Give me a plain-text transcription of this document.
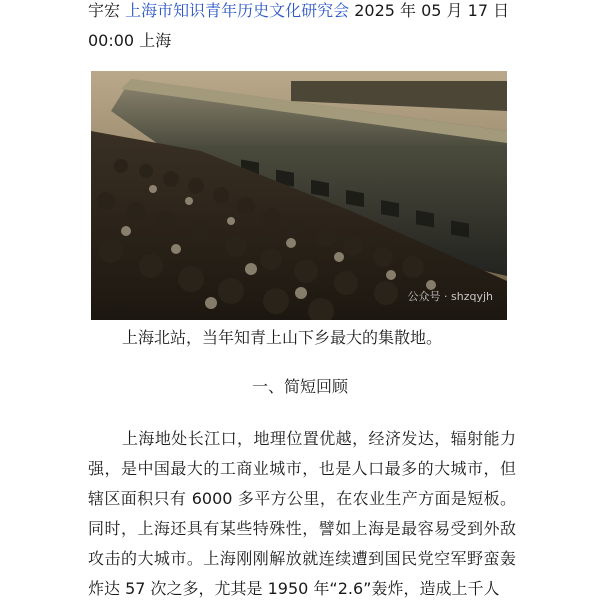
宇宏 上海市知识青年历史文化研究会 2025 年 05 月 17 日 00:00 上海
公众号 · shzqyjh
上海北站，当年知青上山下乡最大的集散地。
一、简短回顾

上海地处长江口，地理位置优越，经济发达，辐射能力强，是中国最大的工商业城市，也是人口最多的大城市，但辖区面积只有 6000 多平方公里，在农业生产方面是短板。同时，上海还具有某些特殊性，譬如上海是最容易受到外敌攻击的大城市。上海刚刚解放就连续遭到国民党空军野蛮轰炸达 57 次之多，尤其是 1950 年“2.6”轰炸，造成上千人
